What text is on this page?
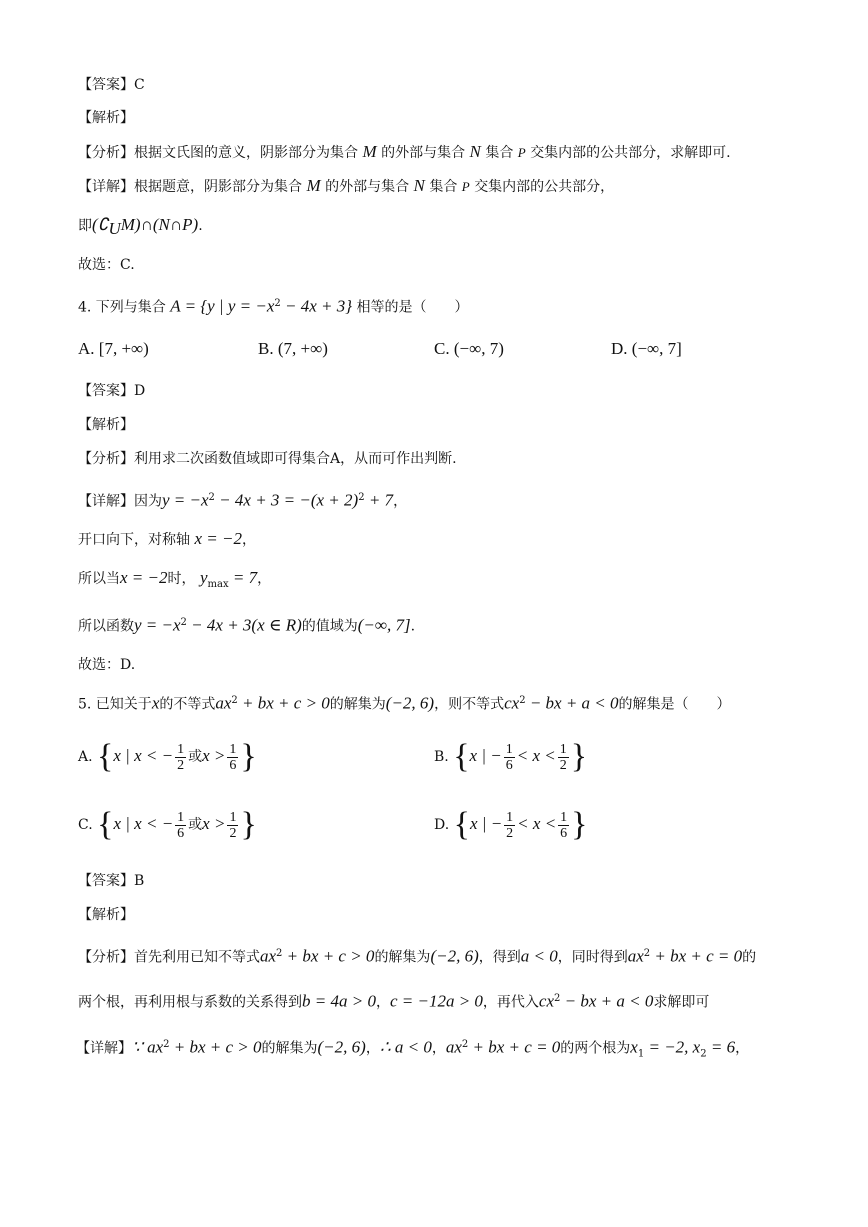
【答案】C
【解析】
【分析】根据文氏图的意义，阴影部分为集合 M 的外部与集合 N 集合 P 交集内部的公共部分，求解即可.
【详解】根据题意，阴影部分为集合 M 的外部与集合 N 集合 P 交集内部的公共部分，
即$(∁_UM)\cap(N\cap P)$.
故选：C.
4. 下列与集合 A = {y | $y = -x^2 - 4x + 3$} 相等的是（　　）
A. [7, +∞)	B. (7, +∞)	C. (−∞, 7)	D. (−∞, 7]
【答案】D
【解析】
【分析】利用求二次函数值域即可得集合A，从而可作出判断.
【详解】因为$y = -x^2 - 4x + 3 = -(x + 2)^2 + 7$，
开口向下，对称轴 x = −2，
所以当x = −2时， $y_{max} = 7$，
所以函数$y = -x^2 - 4x + 3(x$ ∈ R)的值域为(−∞, 7].
故选：D.
5. 已知关于x的不等式$ax^2$ + bx + c > 0的解集为(−2, 6)，则不等式$cx^2$ − bx + a < 0的解集是（　　）
A. {x | x < − $\frac{1}{2}$ 或$x > \frac{1}{6}$ }	B. {x | − $\frac{1}{6} < x < \frac{1}{2}$ }
C. {x | x < − $\frac{1}{6}$ 或$x > \frac{1}{2}$ }	D. {x | − $\frac{1}{2} < x < \frac{1}{6}$ }
【答案】B
【解析】
【分析】首先利用已知不等式$ax^2$ + bx + c > 0的解集为(−2, 6)，得到a < 0，同时得到$ax^2$ + bx + c = 0的
两个根，再利用根与系数的关系得到b = 4a > 0，c = −12a > 0，再代入$cx^2$ − bx + a < 0求解即可
【详解】∵ $ax^2$ + bx + c > 0的解集为(−2, 6)，∴ a < 0，$ax^2$ + bx + c = 0的两个根为$x_1 = -2$, $x_2 = 6$，
